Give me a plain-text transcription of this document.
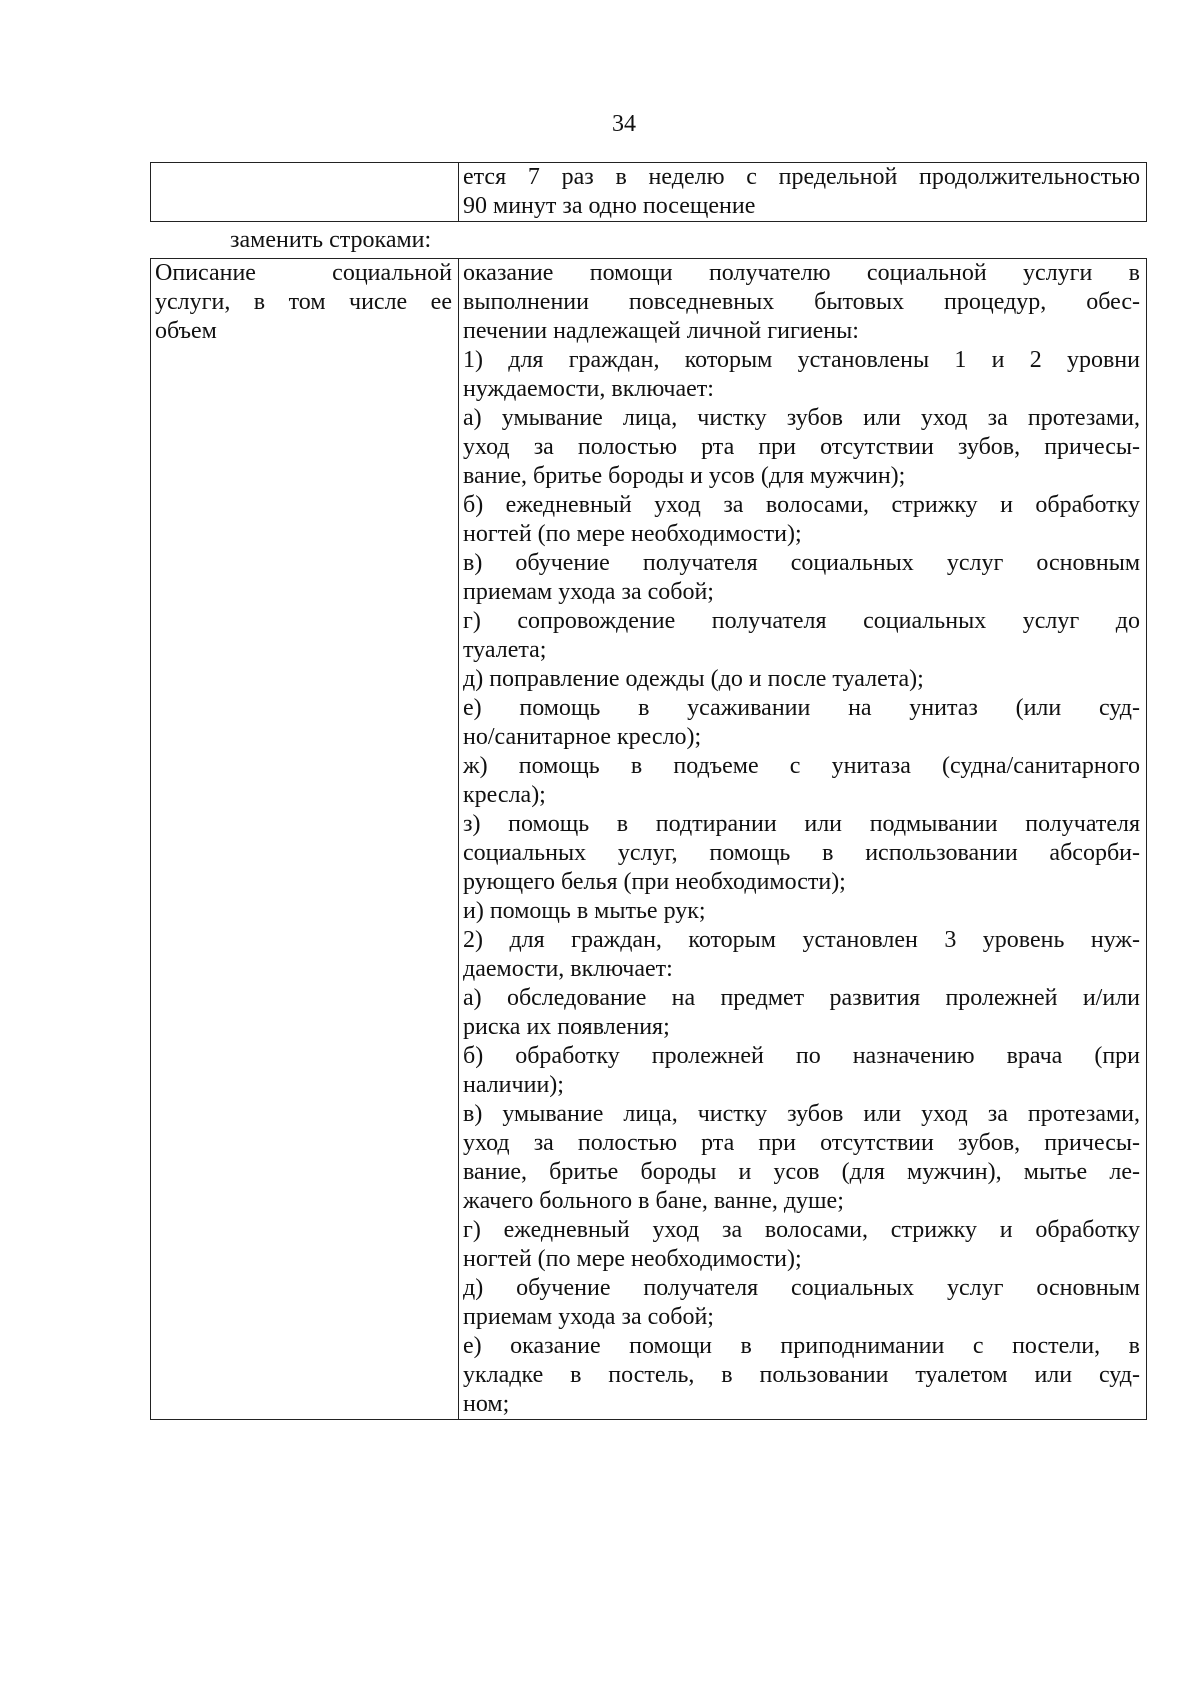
34

ется 7 раз в неделю с предельной продолжительностью
90 минут за одно посещение
заменить строками:
Описание социальной
услуги, в том числе ее
объем

оказание помощи получателю социальной услуги в
выполнении повседневных бытовых процедур, обес-
печении надлежащей личной гигиены:
1) для граждан, которым установлены 1 и 2 уровни
нуждаемости, включает:
а) умывание лица, чистку зубов или уход за протезами,
уход за полостью рта при отсутствии зубов, причесы-
вание, бритье бороды и усов (для мужчин);
б) ежедневный уход за волосами, стрижку и обработку
ногтей (по мере необходимости);
в) обучение получателя социальных услуг основным
приемам ухода за собой;
г) сопровождение получателя социальных услуг до
туалета;
д) поправление одежды (до и после туалета);
е) помощь в усаживании на унитаз (или суд-
но/санитарное кресло);
ж) помощь в подъеме с унитаза (судна/санитарного
кресла);
з) помощь в подтирании или подмывании получателя
социальных услуг, помощь в использовании абсорби-
рующего белья (при необходимости);
и) помощь в мытье рук;
2) для граждан, которым установлен 3 уровень нуж-
даемости, включает:
а) обследование на предмет развития пролежней и/или
риска их появления;
б) обработку пролежней по назначению врача (при
наличии);
в) умывание лица, чистку зубов или уход за протезами,
уход за полостью рта при отсутствии зубов, причесы-
вание, бритье бороды и усов (для мужчин), мытье ле-
жачего больного в бане, ванне, душе;
г) ежедневный уход за волосами, стрижку и обработку
ногтей (по мере необходимости);
д) обучение получателя социальных услуг основным
приемам ухода за собой;
е) оказание помощи в приподнимании с постели, в
укладке в постель, в пользовании туалетом или суд-
ном;
